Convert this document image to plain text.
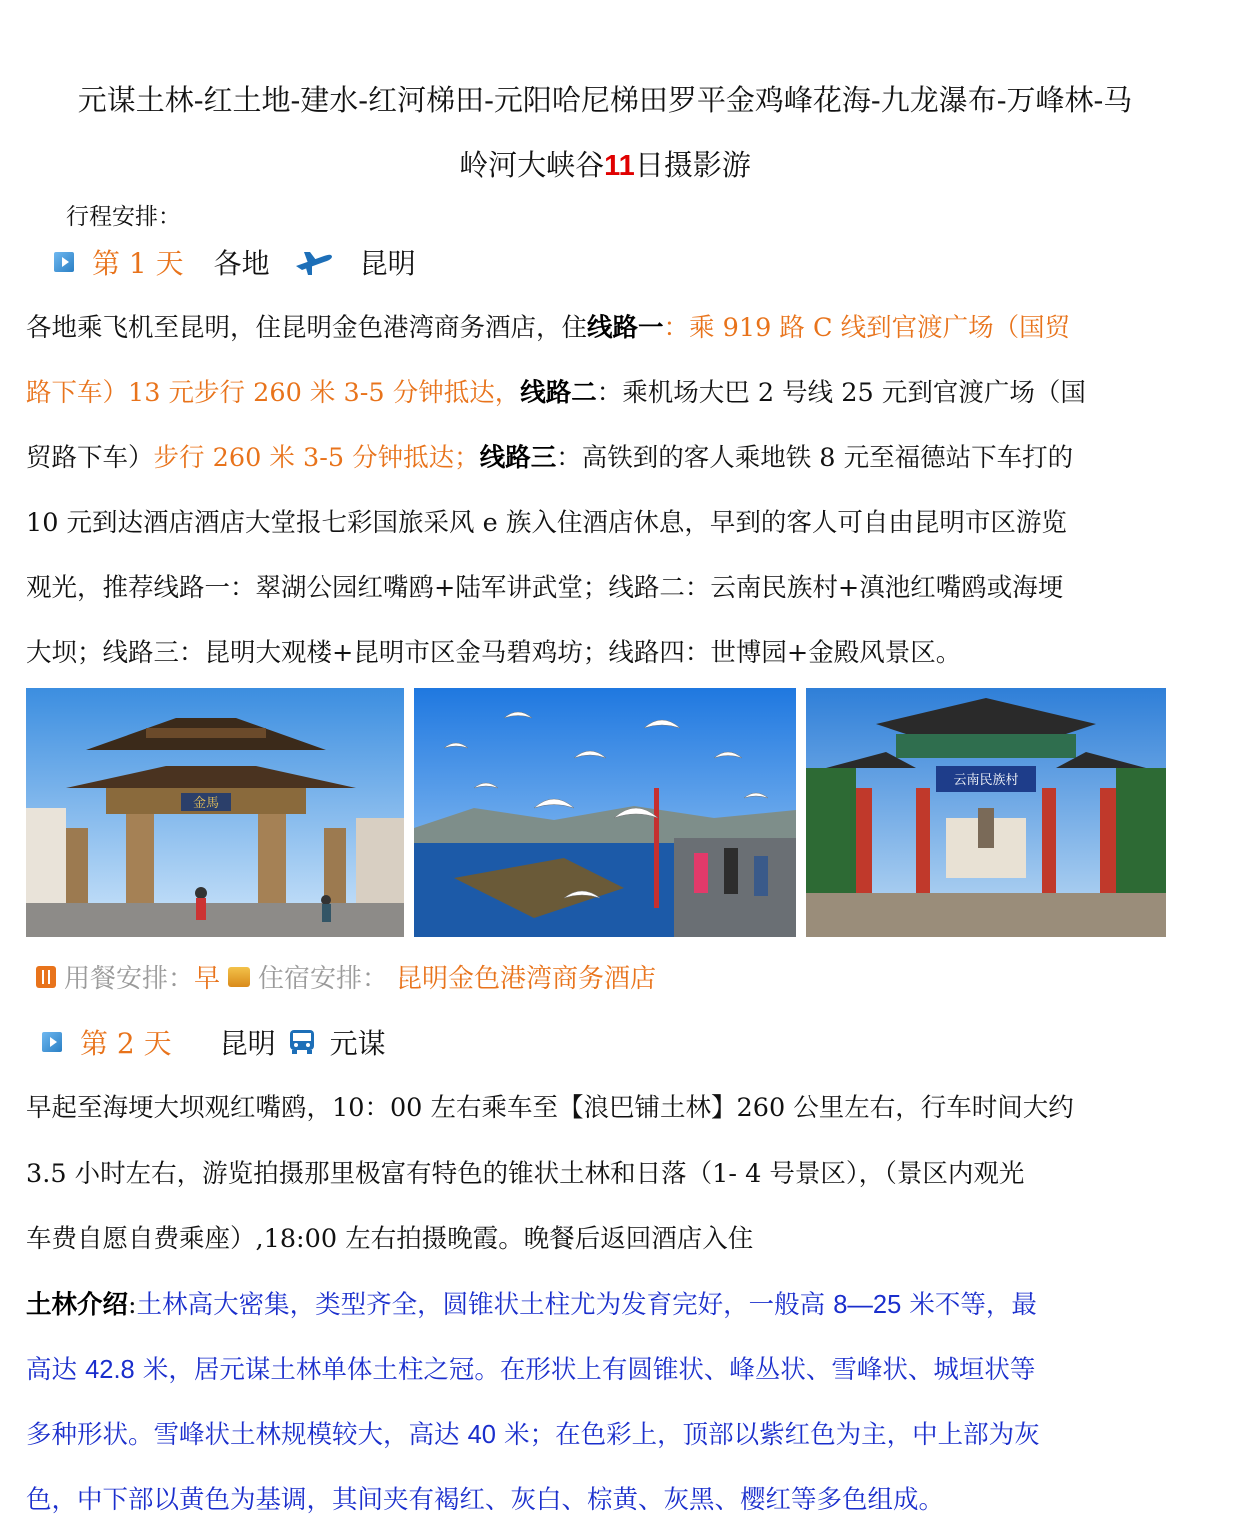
元谋土林-红土地-建水-红河梯田-元阳哈尼梯田罗平金鸡峰花海-九龙瀑布-万峰林-马
岭河大峡谷11日摄影游
行程安排：
第 1 天 各地	昆明
各地乘飞机至昆明，住昆明金色港湾商务酒店，住线路一：乘 919 路 C 线到官渡广场（国贸
路下车）13 元步行 260 米 3-5 分钟抵达，线路二：乘机场大巴 2 号线 25 元到官渡广场（国
贸路下车）步行 260 米 3-5 分钟抵达；线路三：高铁到的客人乘地铁 8 元至福德站下车打的
10 元到达酒店酒店大堂报七彩国旅采风 e 族入住酒店休息，早到的客人可自由昆明市区游览
观光，推荐线路一：翠湖公园红嘴鸥+陆军讲武堂；线路二：云南民族村+滇池红嘴鸥或海埂
大坝；线路三：昆明大观楼+昆明市区金马碧鸡坊；线路四：世博园+金殿风景区。
金馬
云南民族村
用餐安排： 早 住宿安排： 昆明金色港湾商务酒店
第 2 天 昆明 元谋
早起至海埂大坝观红嘴鸥，10：00 左右乘车至【浪巴铺土林】260 公里左右，行车时间大约
3.5 小时左右，游览拍摄那里极富有特色的锥状土林和日落（1- 4 号景区），（景区内观光
车费自愿自费乘座）,18:00 左右拍摄晚霞。晚餐后返回酒店入住
土林介绍:土林高大密集，类型齐全，圆锥状土柱尤为发育完好，一般高 8—25 米不等，最
高达 42.8 米，居元谋土林单体土柱之冠。在形状上有圆锥状、峰丛状、雪峰状、城垣状等
多种形状。雪峰状土林规模较大，高达 40 米；在色彩上，顶部以紫红色为主，中上部为灰
色，中下部以黄色为基调，其间夹有褐红、灰白、棕黄、灰黑、樱红等多色组成。
